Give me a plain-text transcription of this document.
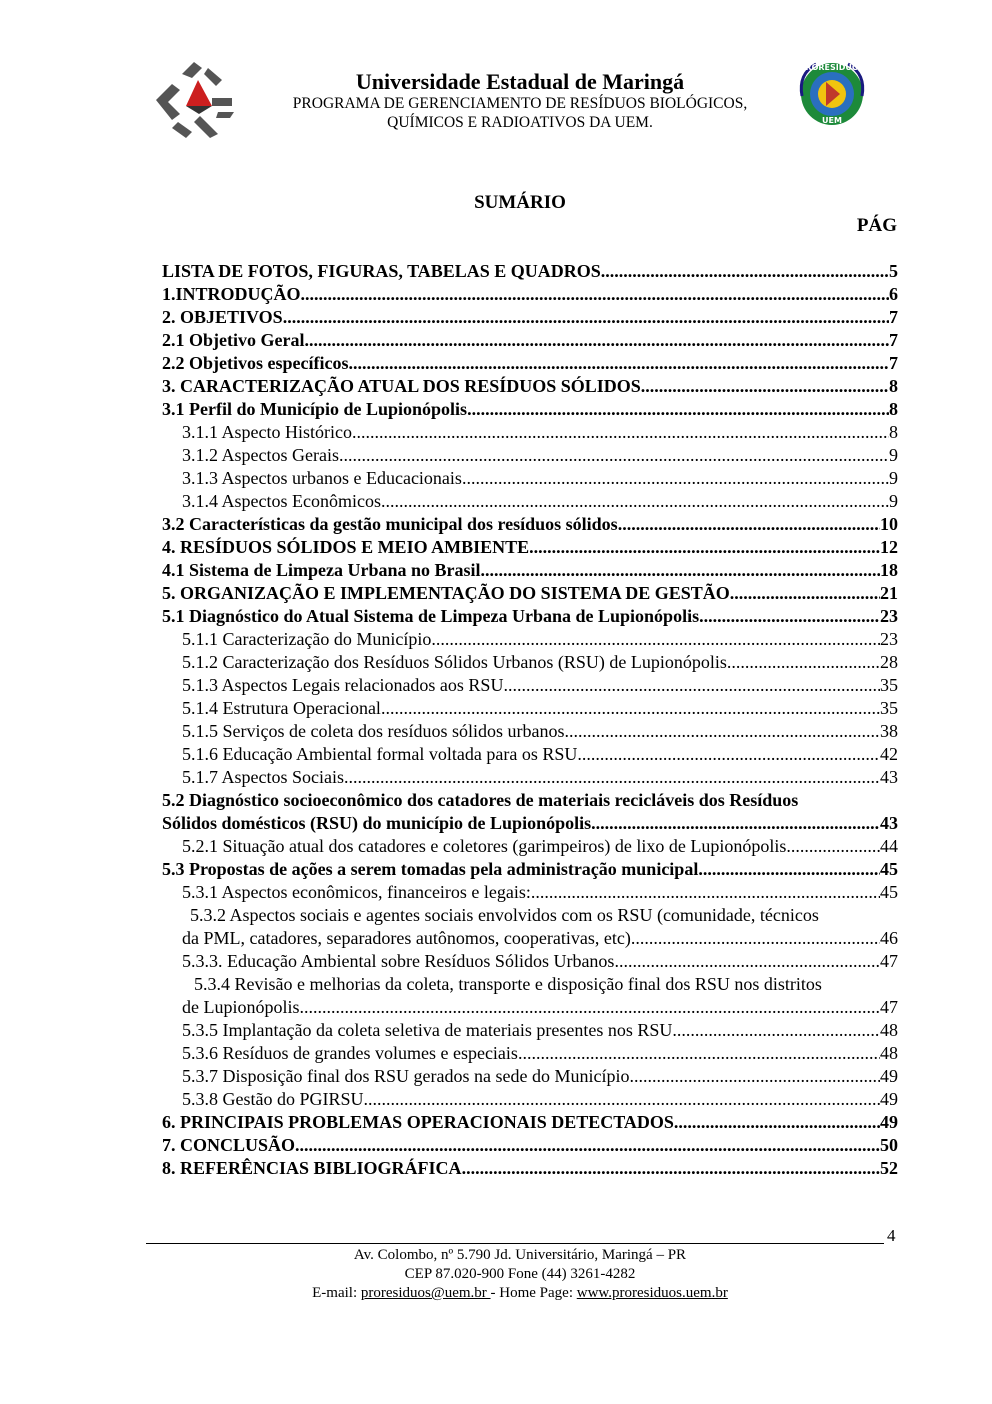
Universidade Estadual de Maringá
PROGRAMA DE GERENCIAMENTO DE RESÍDUOS BIOLÓGICOS,
QUÍMICOS E RADIOATIVOS DA UEM.
PRORESIDUOS
UEM
SUMÁRIO
PÁG
LISTA DE FOTOS, FIGURAS, TABELAS E QUADROS .....	5
1.INTRODUÇÃO .....	6
2. OBJETIVOS .....	7
2.1 Objetivo Geral .....	7
2.2 Objetivos específicos .....	7
3. CARACTERIZAÇÃO ATUAL DOS RESÍDUOS SÓLIDOS .....	8
3.1 Perfil do Município de Lupionópolis .....	8
3.1.1 Aspecto Histórico .....	8
3.1.2 Aspectos Gerais .....	9
3.1.3 Aspectos urbanos e Educacionais .....	9
3.1.4 Aspectos Econômicos .....	9
3.2 Características da gestão municipal dos resíduos sólidos .....	10
4. RESÍDUOS SÓLIDOS E MEIO AMBIENTE .....	12
4.1 Sistema de Limpeza Urbana no Brasil .....	18
5. ORGANIZAÇÃO E IMPLEMENTAÇÃO DO SISTEMA DE GESTÃO .....	21
5.1 Diagnóstico do Atual Sistema de Limpeza Urbana de Lupionópolis .....	23
5.1.1 Caracterização do Município .....	23
5.1.2 Caracterização dos Resíduos Sólidos Urbanos (RSU) de Lupionópolis .....	28
5.1.3 Aspectos Legais relacionados aos RSU .....	35
5.1.4 Estrutura Operacional .....	35
5.1.5 Serviços de coleta dos resíduos sólidos urbanos .....	38
5.1.6 Educação Ambiental formal voltada para os RSU .....	42
5.1.7 Aspectos Sociais .....	43
5.2 Diagnóstico socioeconômico dos catadores de materiais recicláveis dos Resíduos
Sólidos domésticos (RSU) do município de Lupionópolis .....	43
5.2.1 Situação atual dos catadores e coletores (garimpeiros) de lixo de Lupionópolis .....	44
5.3 Propostas de ações a serem tomadas pela administração municipal .....	45
5.3.1 Aspectos econômicos, financeiros e legais: .....	45
5.3.2 Aspectos sociais e agentes sociais envolvidos com os RSU (comunidade, técnicos
da PML, catadores, separadores autônomos, cooperativas, etc). .....	46
5.3.3. Educação Ambiental sobre Resíduos Sólidos Urbanos .....	47
5.3.4 Revisão e melhorias da coleta, transporte e disposição final dos RSU nos distritos
de Lupionópolis. .....	47
5.3.5 Implantação da coleta seletiva de materiais presentes nos RSU .....	48
5.3.6 Resíduos de grandes volumes e especiais .....	48
5.3.7 Disposição final dos RSU gerados na sede do Município .....	49
5.3.8 Gestão do PGIRSU .....	49
6. PRINCIPAIS PROBLEMAS OPERACIONAIS DETECTADOS .....	49
7. CONCLUSÃO .....	50
8. REFERÊNCIAS BIBLIOGRÁFICA .....	52
4
Av. Colombo, nº 5.790 Jd. Universitário, Maringá – PR
CEP 87.020-900 Fone (44) 3261-4282
E-mail: proresiduos@uem.br - Home Page: www.proresiduos.uem.br
